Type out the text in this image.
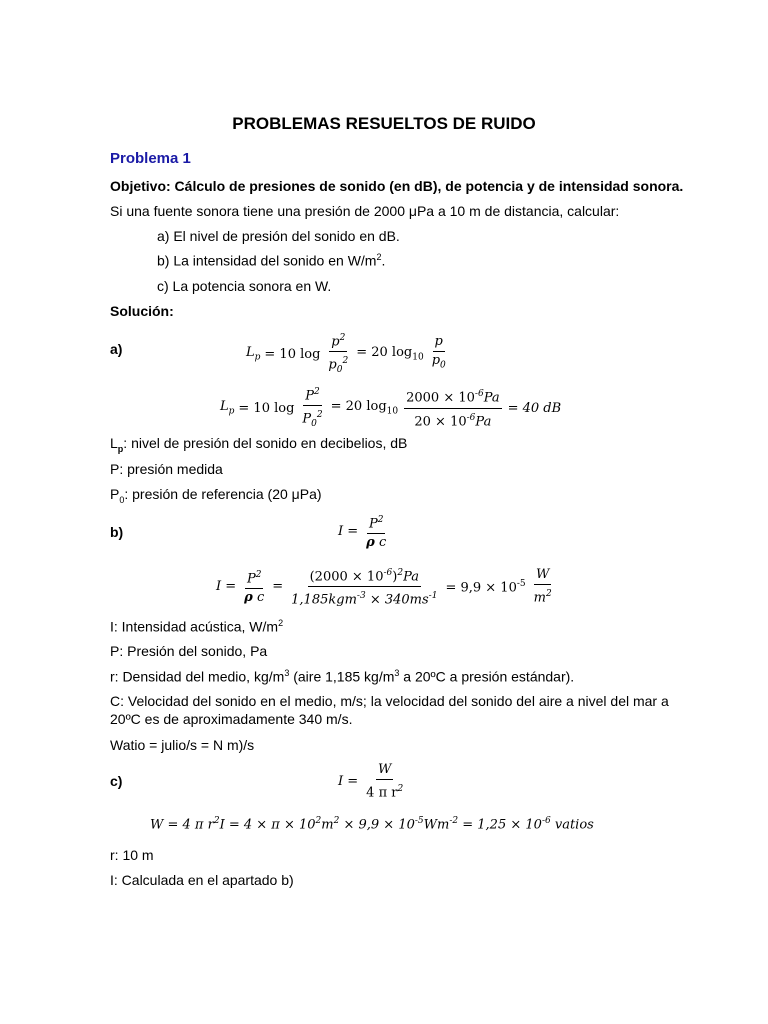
PROBLEMAS RESUELTOS DE RUIDO
Problema 1
Objetivo: Cálculo de presiones de sonido (en dB), de potencia y de intensidad sonora.
Si una fuente sonora tiene una presión de 2000 μPa a 10 m de distancia, calcular:
a) El nivel de presión del sonido en dB.
b) La intensidad del sonido en $W/m^2$.
c) La potencia sonora en W.
Solución:
a)	$L_p = 10$ $\log \frac{p^2}{p_0^2} = 20$ $\log_{10} \frac{p}{p_0}$
$L_p = 10$ $\log \frac{P^2}{P_0^2} = 20$ $\log_{10} \frac{2000 \times 10^{-6}Pa}{20 \times 10^{-6}Pa} = 40$ dB
$L_p$: nivel de presión del sonido en decibelios, dB
P: presión medida
$P_0$: presión de referencia (20 μPa)
b)	$I = \frac{P^2}{\text{ρ c}}$
$I = \frac{P^2}{\text{ρ c}} = \frac{(2000 \times 10^{-6})^2Pa}{1,185kgm^{-3} \times 340ms^{-1}} = 9,9 \times 10^{-5} \frac{W}{m^2}$
I: Intensidad acústica, $W/m^2$
P: Presión del sonido, Pa
r: Densidad del medio, $kg/m^3$ (aire 1,185 $kg/m^3$ a 20ºC a presión estándar).
C: Velocidad del sonido en el medio, m/s; la velocidad del sonido del aire a nivel del mar a
20ºC es de aproximadamente 340 m/s.
Watio = julio/s = N m)/s
c)	$I = \frac{W}{4 \pi r^2}$
W = 4 π $r^2I = 4 \times \pi \times 10^2m^2 \times 9,9 \times 10^{-5}Wm^{-2} = 1,25 \times 10^{-6}$ vatios
r: 10 m
I: Calculada en el apartado b)
